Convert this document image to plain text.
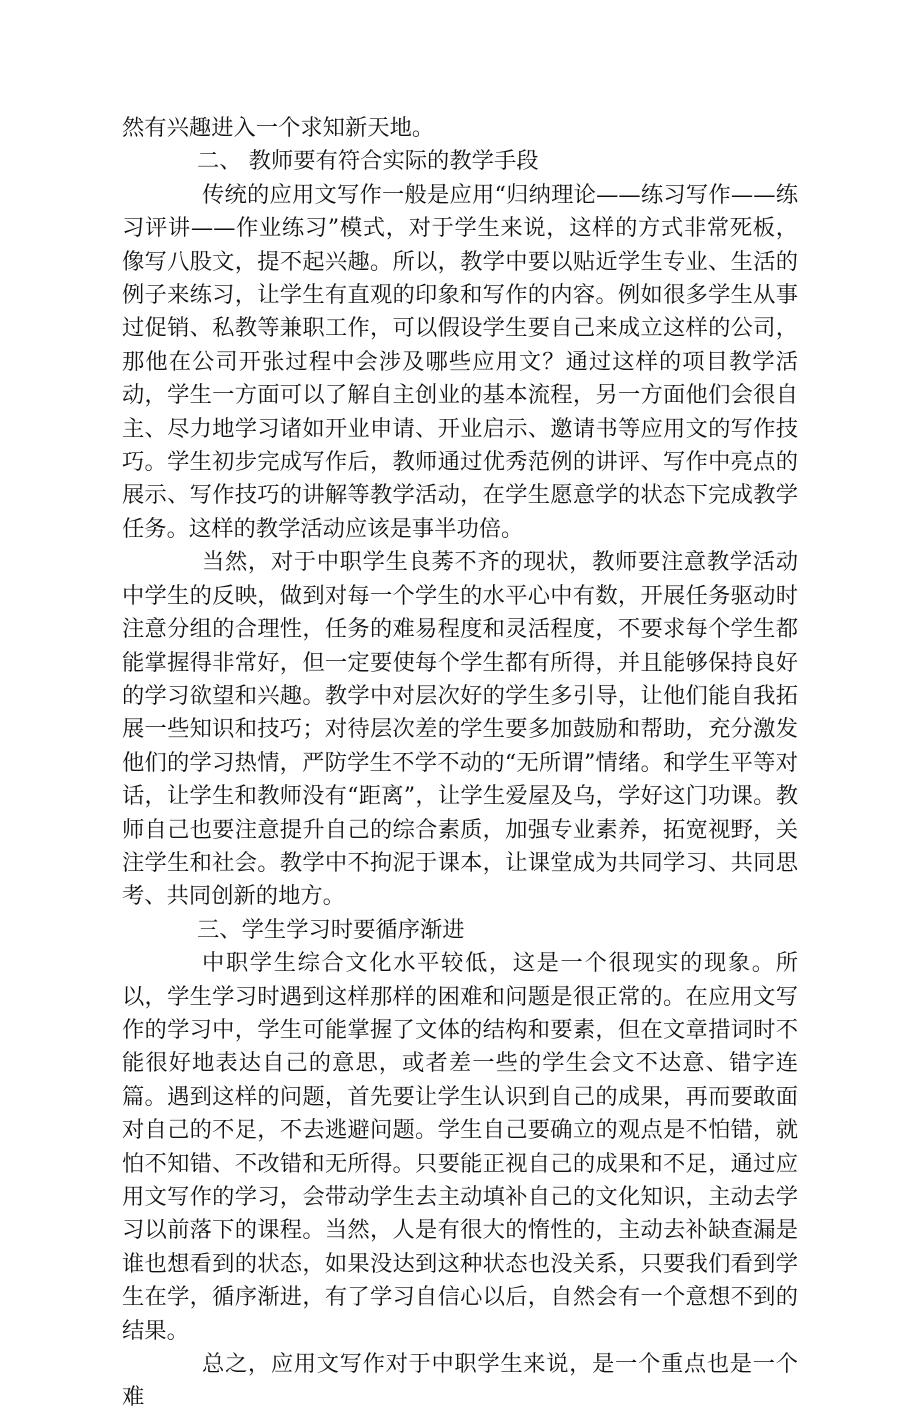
然有兴趣进入一个求知新天地。

二、 教师要有符合实际的教学手段

传统的应用文写作一般是应用“归纳理论——练习写作——练习评讲——作业练习”模式，对于学生来说，这样的方式非常死板，像写八股文，提不起兴趣。所以，教学中要以贴近学生专业、生活的例子来练习，让学生有直观的印象和写作的内容。例如很多学生从事过促销、私教等兼职工作，可以假设学生要自己来成立这样的公司，那他在公司开张过程中会涉及哪些应用文？通过这样的项目教学活动，学生一方面可以了解自主创业的基本流程，另一方面他们会很自主、尽力地学习诸如开业申请、开业启示、邀请书等应用文的写作技巧。学生初步完成写作后，教师通过优秀范例的讲评、写作中亮点的展示、写作技巧的讲解等教学活动，在学生愿意学的状态下完成教学任务。这样的教学活动应该是事半功倍。

当然，对于中职学生良莠不齐的现状，教师要注意教学活动中学生的反映，做到对每一个学生的水平心中有数，开展任务驱动时注意分组的合理性，任务的难易程度和灵活程度，不要求每个学生都能掌握得非常好，但一定要使每个学生都有所得，并且能够保持良好的学习欲望和兴趣。教学中对层次好的学生多引导，让他们能自我拓展一些知识和技巧；对待层次差的学生要多加鼓励和帮助，充分激发他们的学习热情，严防学生不学不动的“无所谓”情绪。和学生平等对话，让学生和教师没有“距离”，让学生爱屋及乌，学好这门功课。教师自己也要注意提升自己的综合素质，加强专业素养，拓宽视野，关注学生和社会。教学中不拘泥于课本，让课堂成为共同学习、共同思考、共同创新的地方。

三、学生学习时要循序渐进

中职学生综合文化水平较低，这是一个很现实的现象。所以，学生学习时遇到这样那样的困难和问题是很正常的。在应用文写作的学习中，学生可能掌握了文体的结构和要素，但在文章措词时不能很好地表达自己的意思，或者差一些的学生会文不达意、错字连篇。遇到这样的问题，首先要让学生认识到自己的成果，再而要敢面对自己的不足，不去逃避问题。学生自己要确立的观点是不怕错，就怕不知错、不改错和无所得。只要能正视自己的成果和不足，通过应用文写作的学习，会带动学生去主动填补自己的文化知识，主动去学习以前落下的课程。当然，人是有很大的惰性的，主动去补缺查漏是谁也想看到的状态，如果没达到这种状态也没关系，只要我们看到学生在学，循序渐进，有了学习自信心以后，自然会有一个意想不到的结果。

总之，应用文写作对于中职学生来说，是一个重点也是一个难
